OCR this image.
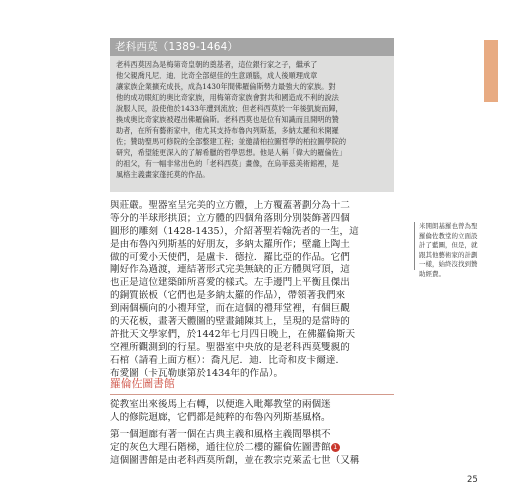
老科西莫（1389-1464）
老科西莫因為是梅第奇皇朝的奠基者，這位銀行家之子，繼承了
他父親喬凡尼．迪．比奇全部絕佳的生意頭腦，成人後順理成章
讓家族企業擴充成長，成為1430年間佛羅倫斯勢力最強大的家族。對
他的成功眼紅的奧比奇家族，用梅第奇家族會對共和國造成不利的說法
說服人民，設使他於1433年遭到流放；但老科西莫於一年後凱旋而歸，
換成奧比奇家族被趕出佛羅倫斯。老科西莫也是位有知識而且開明的贊
助者，在所有藝術家中，他尤其支持布魯內列斯基，多納太羅和米開羅
佐；贊助聖馬可修院的全部整建工程；並邀請柏拉圖哲學的柏拉圖學院的
研究，希望能更深入的了解希臘的哲學思想。他是人稱「偉大的羅倫佐」
的祖父，有一幅非常出色的「老科西莫」畫像，在烏菲茲美術館裡，是
風格主義畫家蓬托莫的作品。
與莊嚴。聖器室呈完美的立方體，上方覆蓋著劃分為十二
等分的半球形拱頂；立方體的四個角落則分別裝飾著四個
圓形的雕刻（1428-1435），介紹著聖若翰洗者的一生，這
是由布魯內列斯基的好朋友，多納太羅所作；壁龕上陶土
做的可愛小天使們，是盧卡．德拉．羅比亞的作品。它們
剛好作為過渡，連結著形式完美無缺的正方體與穹頂，這
也正是這位建築師所喜愛的樣式。左手邊門上平衡且傑出
的銅質嵌板（它們也是多納太羅的作品），帶領著我們來
到兩個橫向的小禮拜堂，而在這個的禮拜堂裡，有個巨觀
的天花板，畫著天體圖的壁畫鋪陳其上，呈現的是當時的
許批天文學家們，於1442年七月四日晚上，在佛羅倫斯天
空裡所觀測到的行星。聖器室中央放的是老科西莫雙親的
石棺（請看上面方框）：喬凡尼．迪．比奇和皮卡爾達．
布愛圖（卡瓦勒康第於1434年的作品）。
羅倫佐圖書館
從教室出來後馬上右轉，以便進入毗鄰教堂的兩個迷
人的修院迴廊，它們都是純粹的布魯內列斯基風格。
第一個迴廊有著一個在古典主義和風格主義間舉棋不
定的灰色大理石階梯，通往位於二樓的羅倫佐圖書館 1
這個圖書館是由老科西莫所創，並在教宗克萊孟七世（又稱
米開朗基羅也曾為聖
羅倫佐教堂的立面設
計了藍圖，但是，就
跟其他藝術家的計劃
一樣，始終沒找到贊
助經費。
25
